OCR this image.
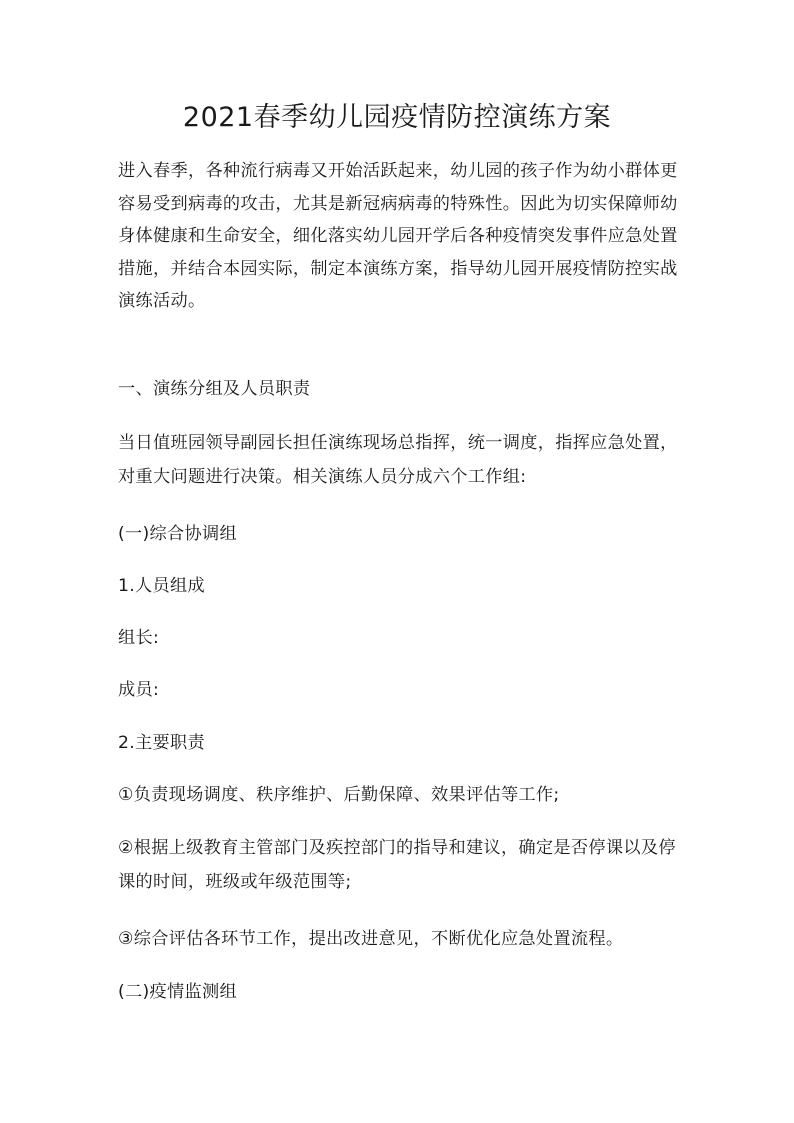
2021春季幼儿园疫情防控演练方案

进入春季，各种流行病毒又开始活跃起来，幼儿园的孩子作为幼小群体更容易受到病毒的攻击，尤其是新冠病病毒的特殊性。因此为切实保障师幼身体健康和生命安全，细化落实幼儿园开学后各种疫情突发事件应急处置措施，并结合本园实际，制定本演练方案，指导幼儿园开展疫情防控实战演练活动。

一、演练分组及人员职责

当日值班园领导副园长担任演练现场总指挥，统一调度，指挥应急处置，对重大问题进行决策。相关演练人员分成六个工作组:

(一)综合协调组

1.人员组成

组长:

成员:

2.主要职责

①负责现场调度、秩序维护、后勤保障、效果评估等工作;

②根据上级教育主管部门及疾控部门的指导和建议，确定是否停课以及停课的时间，班级或年级范围等;

③综合评估各环节工作，提出改进意见，不断优化应急处置流程。

(二)疫情监测组
